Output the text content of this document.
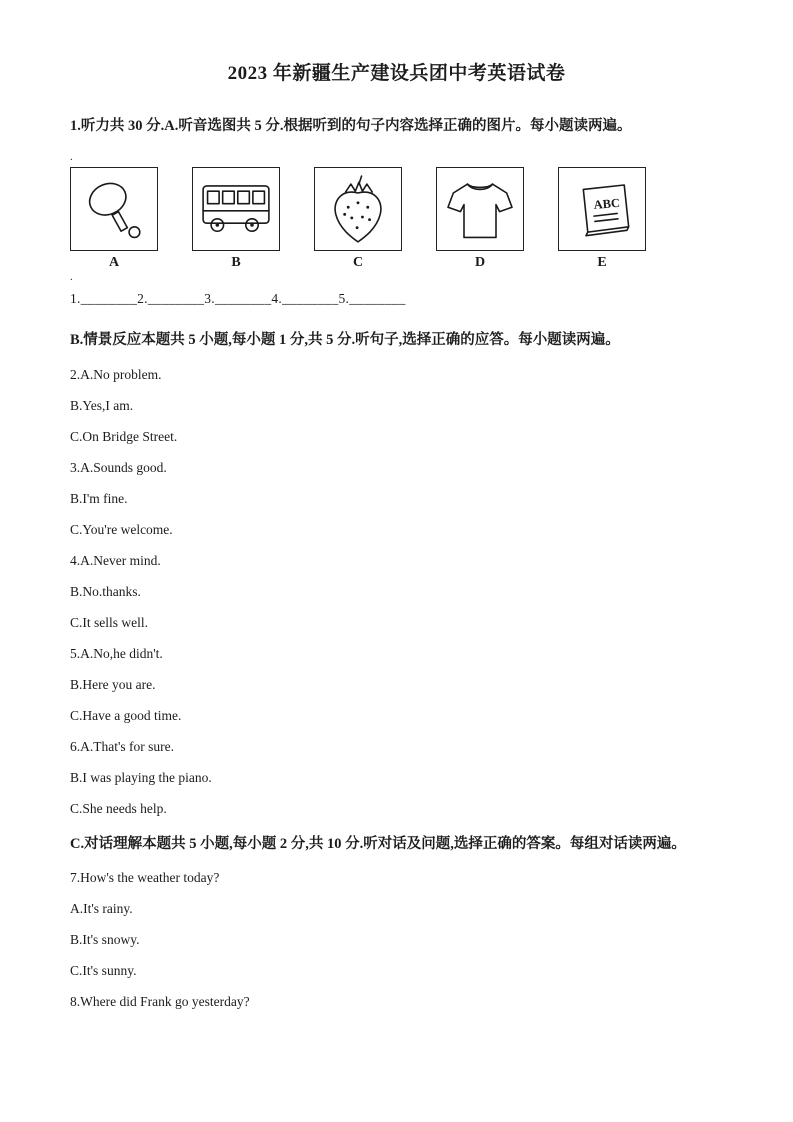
2023 年新疆生产建设兵团中考英语试卷

1.听力共 30 分.A.听音选图共 5 分.根据听到的句子内容选择正确的图片。每小题读两遍。

.
A	B	C	D
ABC
E
.

1.________2.________3.________4.________5.________

B.情景反应本题共 5 小题,每小题 1 分,共 5 分.听句子,选择正确的应答。每小题读两遍。

2.A.No problem.

B.Yes,I am.

C.On Bridge Street.

3.A.Sounds good.

B.I'm fine.

C.You're welcome.

4.A.Never mind.

B.No.thanks.

C.It sells well.

5.A.No,he didn't.

B.Here you are.

C.Have a good time.

6.A.That's for sure.

B.I was playing the piano.

C.She needs help.

C.对话理解本题共 5 小题,每小题 2 分,共 10 分.听对话及问题,选择正确的答案。每组对话读两遍。

7.How's the weather today?

A.It's rainy.

B.It's snowy.

C.It's sunny.

8.Where did Frank go yesterday?
